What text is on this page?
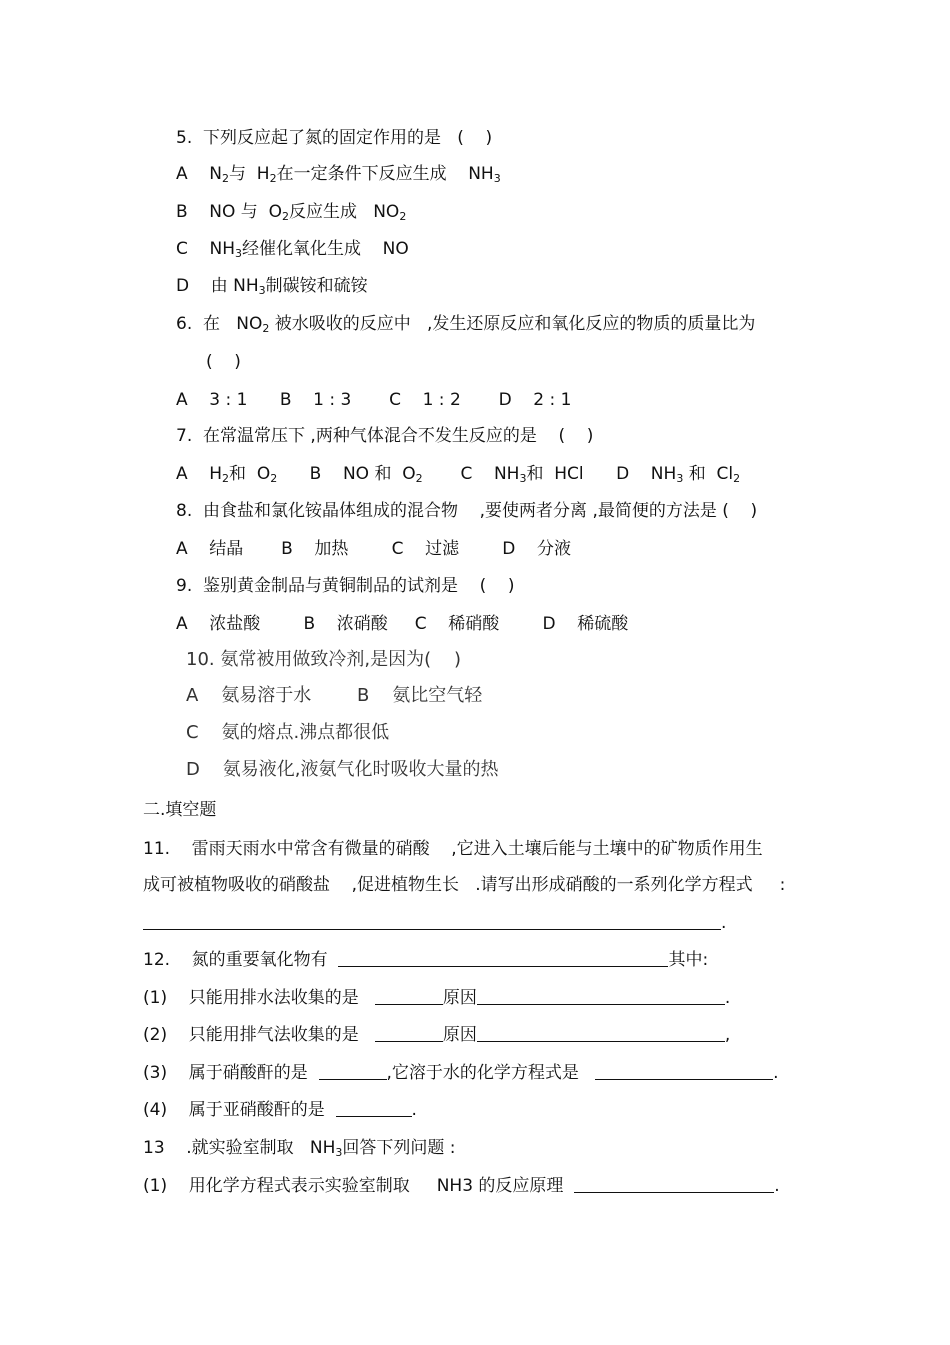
5.  下列反应起了氮的固定作用的是   (    )
A $N_2$与  $H_2$在一定条件下反应生成    $NH_3$
B NO 与  $O_2$反应生成   $NO_2$
C $NH_3$经催化氧化生成    NO
D 由 $NH_3$制碳铵和硫铵
6.  在   $NO_2$ 被水吸收的反应中   ,发生还原反应和氧化反应的物质的质量比为
(    )
A    3 : 1      B    1 : 3       C    1 : 2       D    2 : 1
7.  在常温常压下 ,两种气体混合不发生反应的是    (    )
A    $H_2$和  $O_2$ B    NO 和  $O_2$ C    $NH_3$和  HCl D    $NH_3$ 和  $Cl_2$
8.  由食盐和氯化铵晶体组成的混合物    ,要使两者分离 ,最简便的方法是 (    )
A    结晶       B    加热        C    过滤        D    分液
9.  鉴别黄金制品与黄铜制品的试剂是    (    )
A    浓盐酸        B    浓硝酸     C    稀硝酸        D    稀硫酸
10. 氨常被用做致冷剂,是因为(    )
A    氨易溶于水        B    氨比空气轻
C    氨的熔点.沸点都很低
D    氨易液化,液氨气化时吸收大量的热
二.填空题
11.    雷雨天雨水中常含有微量的硝酸    ,它进入土壤后能与土壤中的矿物质作用生
成可被植物吸收的硝酸盐    ,促进植物生长   .请写出形成硝酸的一系列化学方程式     :
.
12.    氮的重要氧化物有	其中:
(1)    只能用排水法收集的是	原因	.
(2)    只能用排气法收集的是	原因	,
(3)    属于硝酸酐的是	,它溶于水的化学方程式是	.
(4)    属于亚硝酸酐的是	.
13    .就实验室制取   $NH_3$回答下列问题 :
(1)    用化学方程式表示实验室制取     NH3 的反应原理	.
